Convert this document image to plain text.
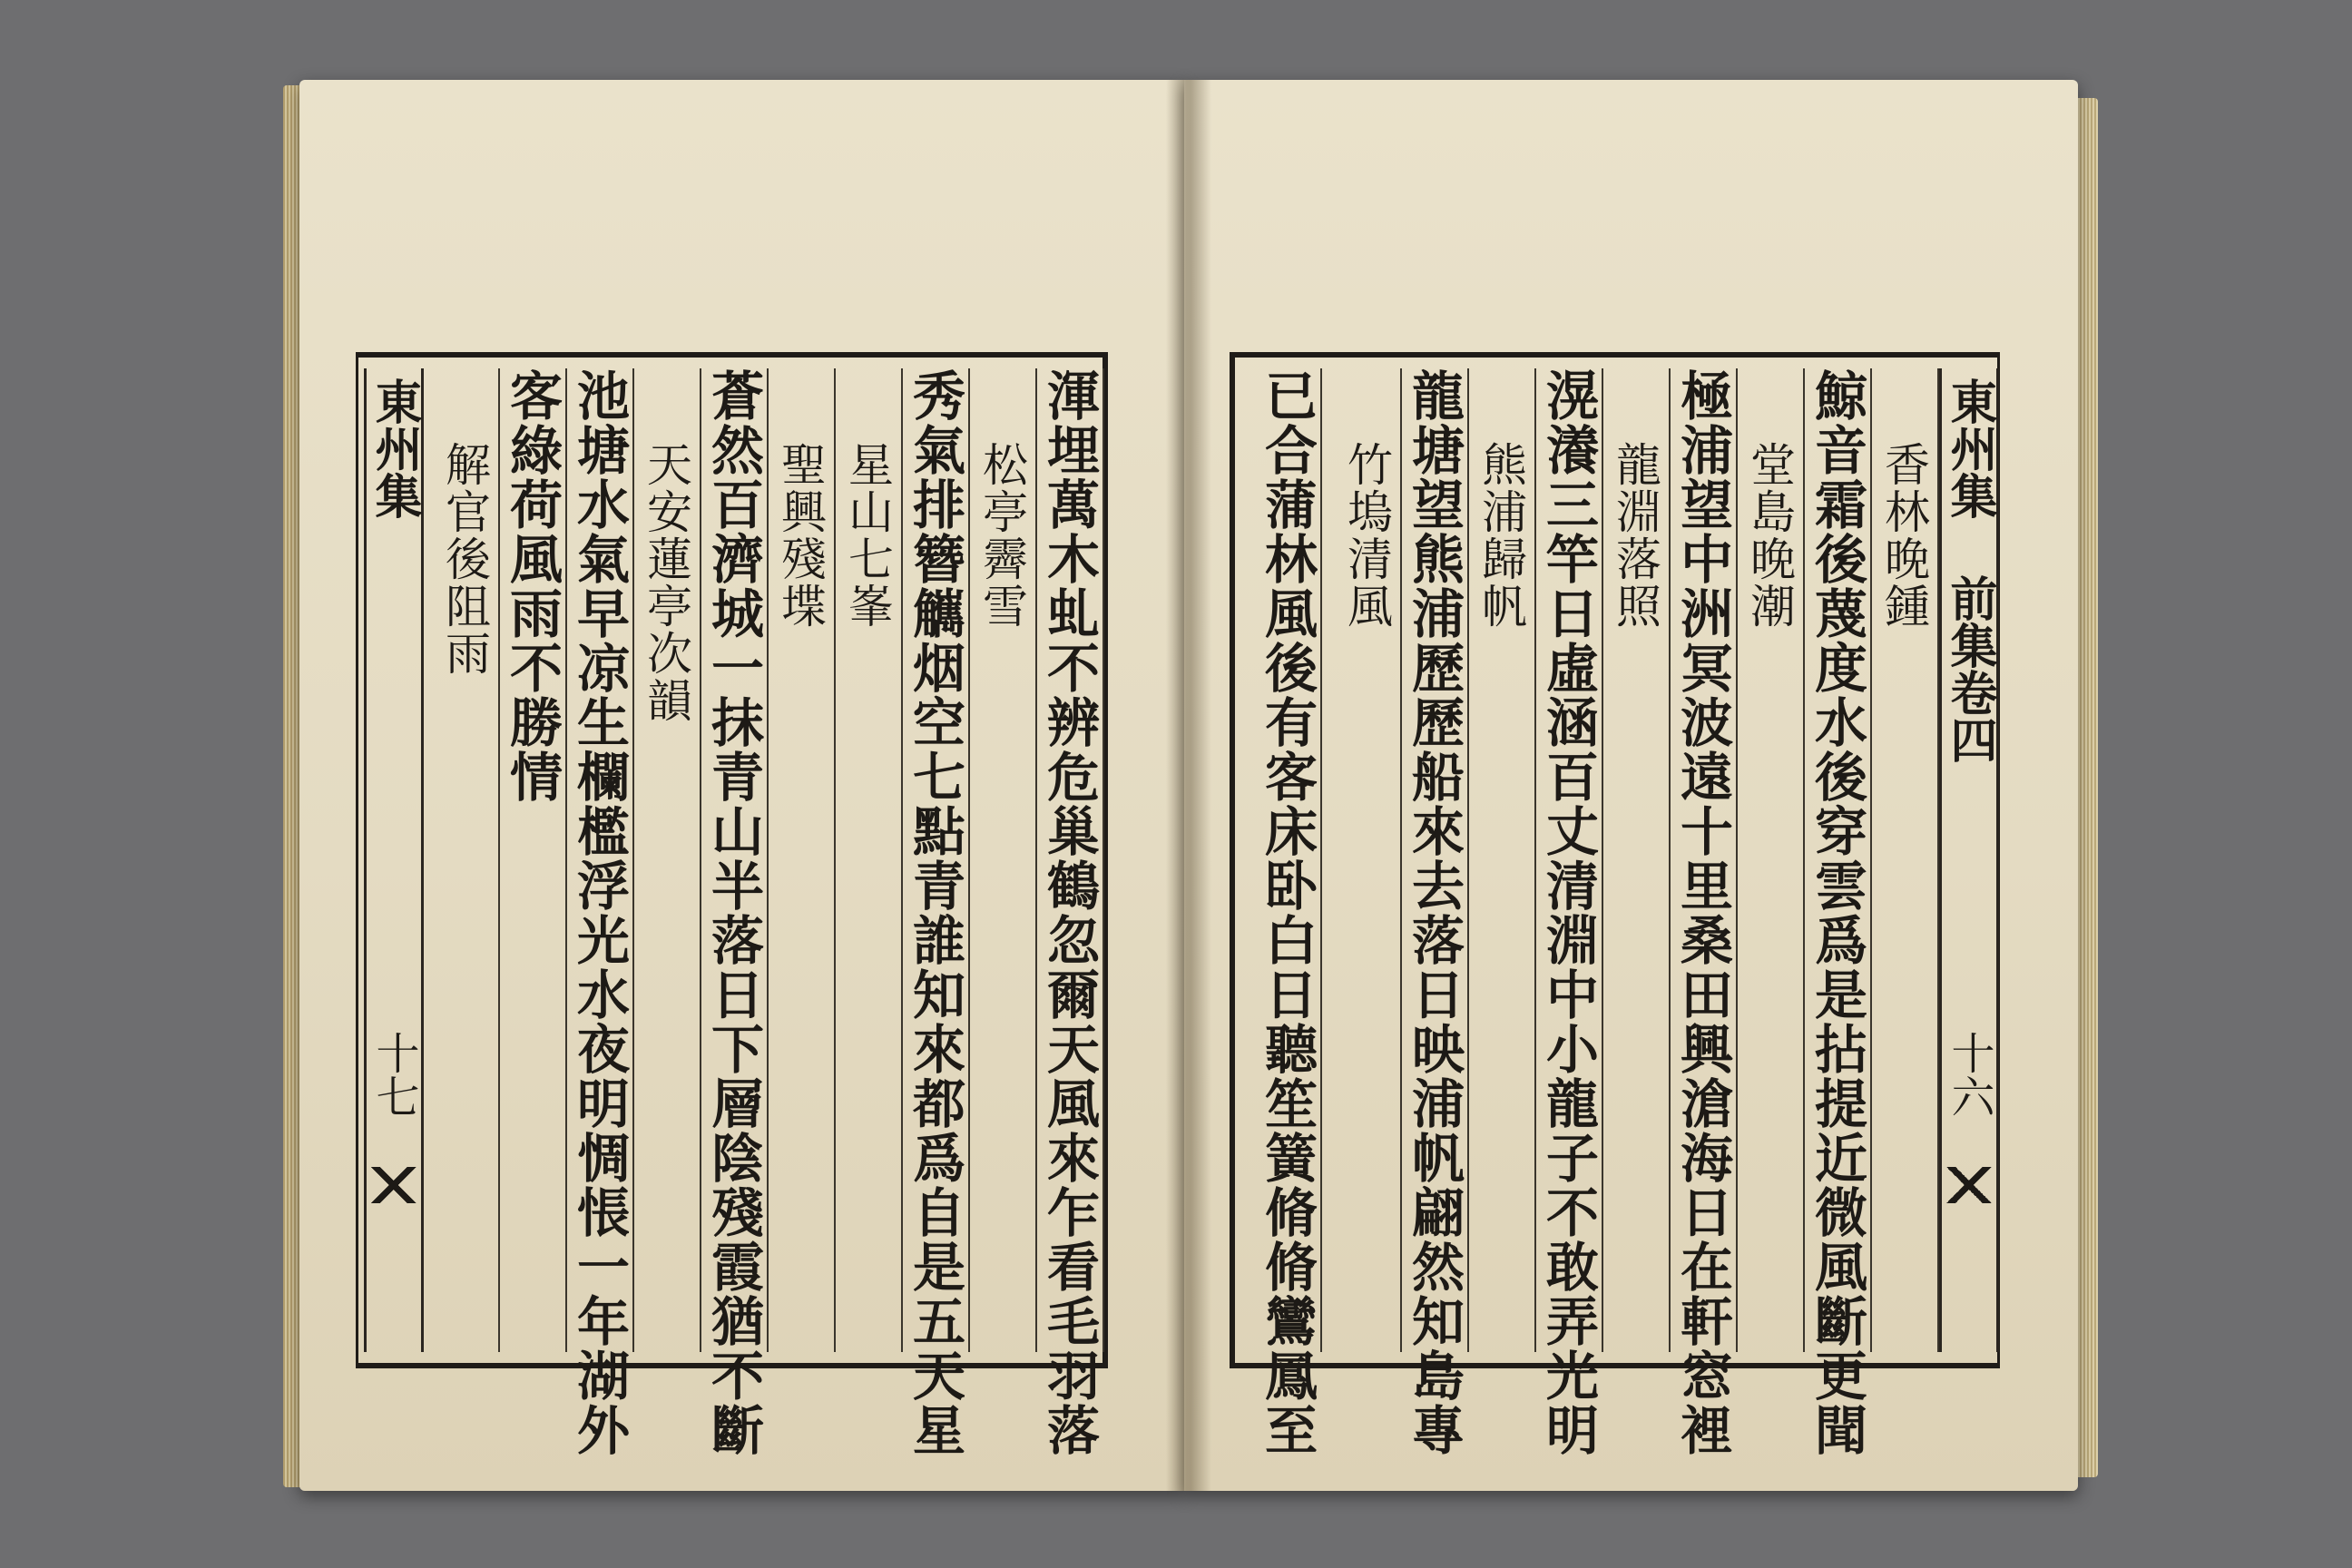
渾埋萬木虬不辨危巢鶴忽爾天風來乍看毛羽落
松亭霽雪
秀氣排簪觽烟空七點青誰知來都爲自是五天星
星山七峯
聖興殘堞
蒼然百濟城一抹青山半落日下層陰殘霞猶不斷
天安蓮亭次韻
池塘水氣早凉生欄檻浮光水夜明惆悵一年湖外
客綠荷風雨不勝情
解官後阻雨
東州集
十七
東州集 前集卷四
十六
香林晚鍾
鯨音霜後蔑度水後穿雲爲是拈提近微風斷更聞
堂島晚潮
極浦望中洲冥波遠十里桑田興滄海日在軒窓裡
龍淵落照
滉瀁三竿日虛涵百丈清淵中小龍子不敢弄光明
熊浦歸帆
龍塘望熊浦歷歷船來去落日映浦帆翩然知島專
竹塢清風
已合蒲林風後有客床卧白日聽笙簧脩脩鸞鳳至
